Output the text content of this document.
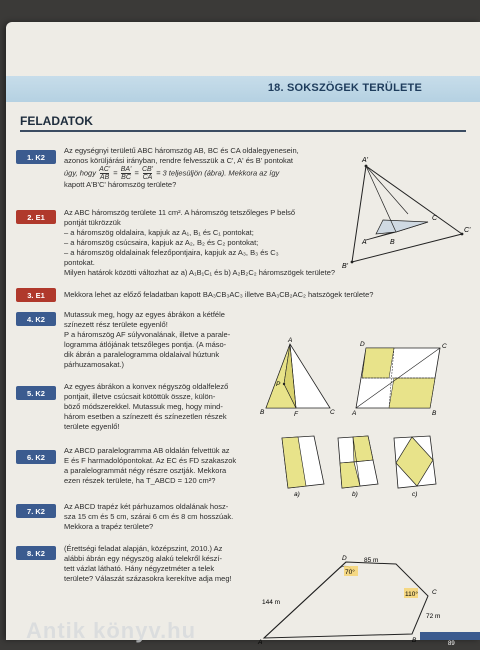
18. SOKSZÖGEK TERÜLETE
FELADATOK
1. K2
Az egységnyi területű ABC háromszög AB, BC és CA oldalegyenesein,
azonos körüljárási irányban, rendre felvesszük a C', A' és B' pontokat
úgy, hogy $\frac{AC'}{AB} = \frac{BA'}{BC} = \frac{CB'}{CA} = 3$ teljesüljön (ábra). Mekkora az így
kapott A'B'C' háromszög területe?
2. E1	Az ABC háromszög területe 11 cm². A háromszög tetszőleges P belső
pontját tükrözzük
– a háromszög oldalaira, kapjuk az A₁, B₁ és C₁ pontokat;
– a háromszög csúcsaira, kapjuk az A₂, B₂ és C₂ pontokat;
– a háromszög oldalainak felezőpontjaira, kapjuk az A₃, B₃ és C₃
pontokat.
Milyen határok közötti változhat az a) A₁B₁C₁ és b) A₂B₂C₂ háromszögek területe?
3. E1	Mekkora lehet az előző feladatban kapott BA₃CB₃AC₃ illetve BA₃CB₂AC₂ hatszögek területe?
4. K2	Mutassuk meg, hogy az egyes ábrákon a kétféle
színezett rész területe egyenlő!
P a háromszög AF súlyvonalának, illetve a parale-
logramma átlójának tetszőleges pontja. (A máso-
dik ábrán a paralelogramma oldalaival húztunk
párhuzamosakat.)
5. K2
Az egyes ábrákon a konvex négyszög oldalfelező
pontjait, illetve csúcsait kötöttük össze, külön-
böző módszerekkel. Mutassuk meg, hogy mind-
három esetben a színezett és színezetlen részek
területe egyenlő!
6. K2
Az ABCD paralelogramma AB oldalán felvettük az
E és F harmadolópontokat. Az EC és FD szakaszok
a paralelogrammát négy részre osztják. Mekkora
ezen részek területe, ha T_ABCD = 120 cm²?
7. K2	Az ABCD trapéz két párhuzamos oldalának hosz-
sza 15 cm és 5 cm, szárai 6 cm és 8 cm hosszúak.
Mekkora a trapéz területe?
8. K2	(Érettségi feladat alapján, középszint, 2010.) Az
alábbi ábrán egy négyszög alakú telekről készí-
tett vázlat látható. Hány négyzetméter a telek
területe? Válaszát százasokra kerekítve adja meg!
A'
C'
B'
A	B
C
A
B	C
F
P
D	C
B
A
a)	b)	c)
D	85 m
70°
C
110°
72 m
144 m
A	B
Antik könyv.hu
89
